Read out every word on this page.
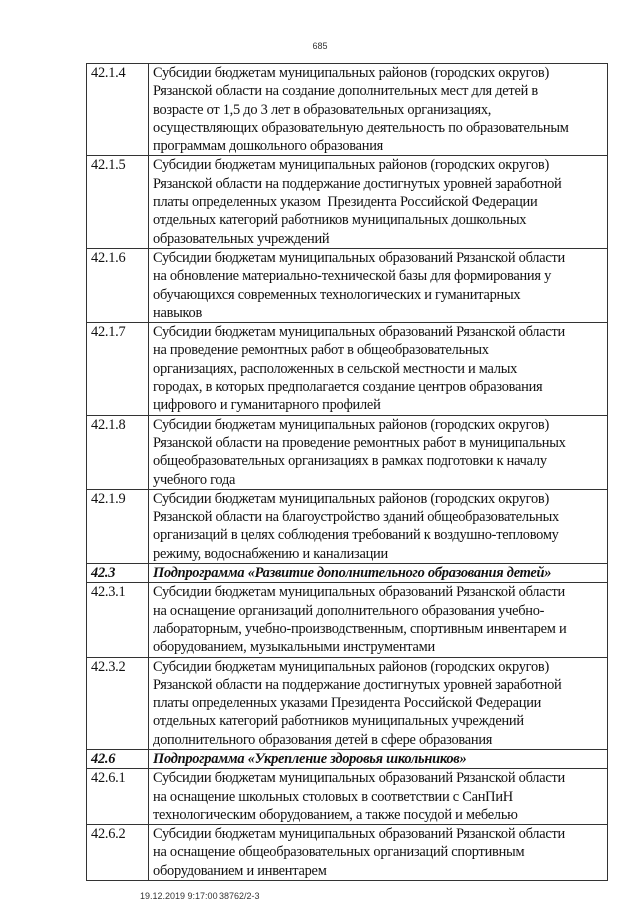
685
42.1.4	Субсидии бюджетам муниципальных районов (городских округов)
Рязанской области на создание дополнительных мест для детей в
возрасте от 1,5 до 3 лет в образовательных организациях,
осуществляющих образовательную деятельность по образовательным
программам дошкольного образования
42.1.5	Субсидии бюджетам муниципальных районов (городских округов)
Рязанской области на поддержание достигнутых уровней заработной
платы определенных указом  Президента Российской Федерации
отдельных категорий работников муниципальных дошкольных
образовательных учреждений
42.1.6	Субсидии бюджетам муниципальных образований Рязанской области
на обновление материально-технической базы для формирования у
обучающихся современных технологических и гуманитарных
навыков
42.1.7	Субсидии бюджетам муниципальных образований Рязанской области
на проведение ремонтных работ в общеобразовательных
организациях, расположенных в сельской местности и малых
городах, в которых предполагается создание центров образования
цифрового и гуманитарного профилей
42.1.8	Субсидии бюджетам муниципальных районов (городских округов)
Рязанской области на проведение ремонтных работ в муниципальных
общеобразовательных организациях в рамках подготовки к началу
учебного года
42.1.9	Субсидии бюджетам муниципальных районов (городских округов)
Рязанской области на благоустройство зданий общеобразовательных
организаций в целях соблюдения требований к воздушно-тепловому
режиму, водоснабжению и канализации
42.3	Подпрограмма «Развитие дополнительного образования детей»
42.3.1	Субсидии бюджетам муниципальных образований Рязанской области
на оснащение организаций дополнительного образования учебно-
лабораторным, учебно-производственным, спортивным инвентарем и
оборудованием, музыкальными инструментами
42.3.2	Субсидии бюджетам муниципальных районов (городских округов)
Рязанской области на поддержание достигнутых уровней заработной
платы определенных указами Президента Российской Федерации
отдельных категорий работников муниципальных учреждений
дополнительного образования детей в сфере образования
42.6	Подпрограмма «Укрепление здоровья школьников»
42.6.1	Субсидии бюджетам муниципальных образований Рязанской области
на оснащение школьных столовых в соответствии с СанПиН
технологическим оборудованием, а также посудой и мебелью
42.6.2	Субсидии бюджетам муниципальных образований Рязанской области
на оснащение общеобразовательных организаций спортивным
оборудованием и инвентарем
19.12.2019 9:17:00 38762/2-3
